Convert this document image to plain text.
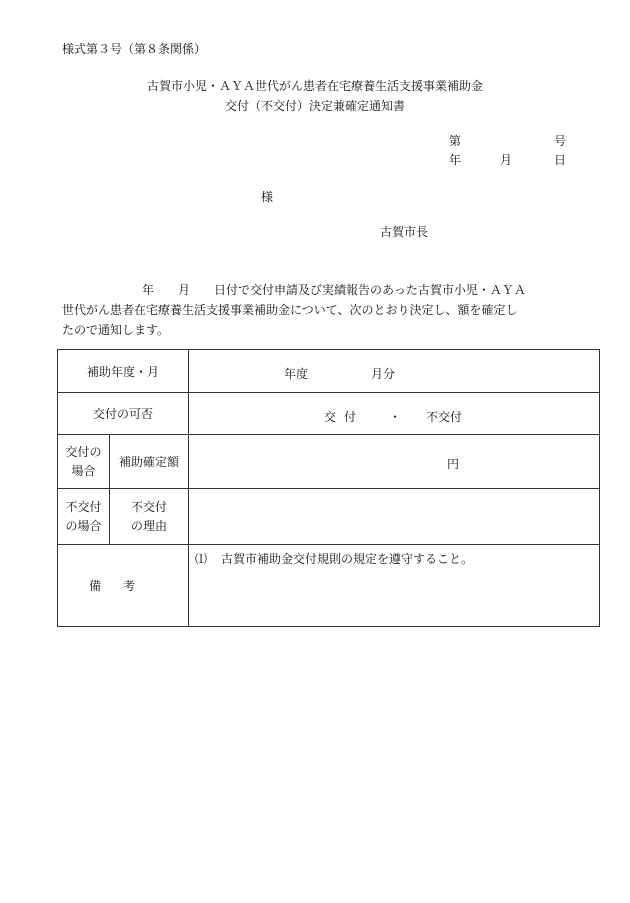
様式第３号（第８条関係）
古賀市小児・ＡＹＡ世代がん患者在宅療養生活支援事業補助金
交付（不交付）決定兼確定通知書
第	号
年	月	日
様
古賀市長
年 月 日付で交付申請及び実績報告のあった古賀市小児・ＡＹＡ
世代がん患者在宅療養生活支援事業補助金について、次のとおり決定し、額を確定し
たので通知します。
補助年度・月		年度 月分

交付の可否		交付 ・ 不交付

交付の場合	補助確定額	円

不交付の場合	不交付の理由	
備考		⑴ 古賀市補助金交付規則の規定を遵守すること。
